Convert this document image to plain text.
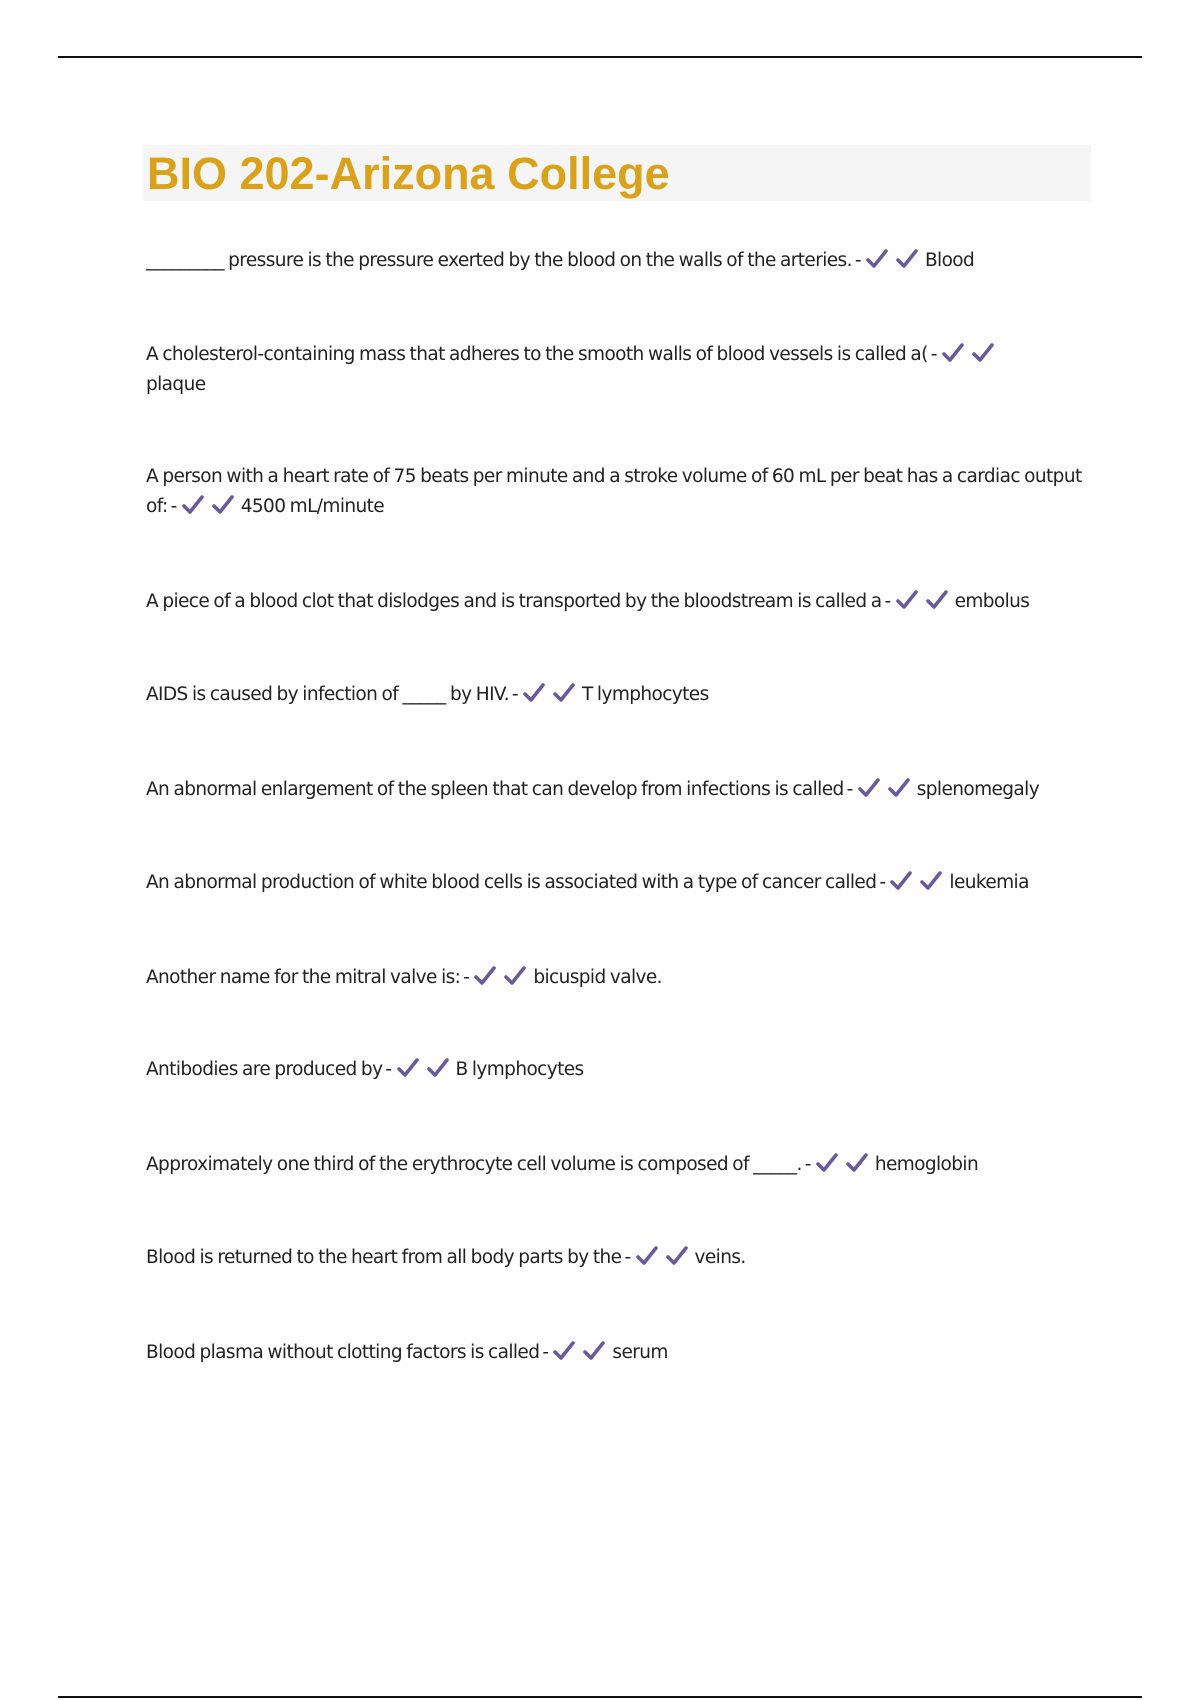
BIO 202-Arizona College

_________ pressure is the pressure exerted by the blood on the walls of the arteries. -	Blood

A cholesterol-containing mass that adheres to the smooth walls of blood vessels is called a( -

plaque

A person with a heart rate of 75 beats per minute and a stroke volume of 60 mL per beat has a cardiac output of: -	4500 mL/minute

A piece of a blood clot that dislodges and is transported by the bloodstream is called a -	embolus

AIDS is caused by infection of _____ by HIV. -	T lymphocytes

An abnormal enlargement of the spleen that can develop from infections is called -	splenomegaly

An abnormal production of white blood cells is associated with a type of cancer called -	leukemia

Another name for the mitral valve is: -	bicuspid valve.

Antibodies are produced by -	B lymphocytes

Approximately one third of the erythrocyte cell volume is composed of _____. -	hemoglobin

Blood is returned to the heart from all body parts by the -	veins.

Blood plasma without clotting factors is called -	serum
